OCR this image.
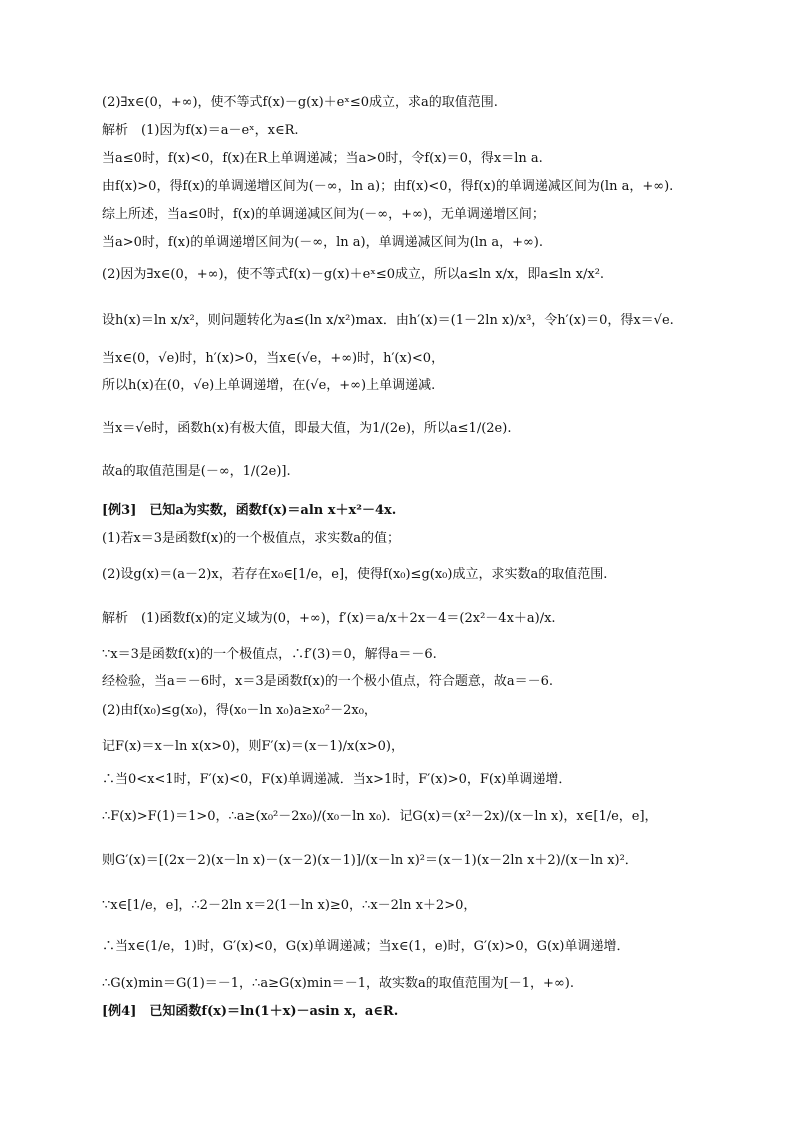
(2)∃x∈(0，+∞)，使不等式f(x)－g(x)＋eˣ≤0成立，求a的取值范围.
解析　(1)因为f(x)＝a－eˣ，x∈R.
当a≤0时，f(x)<0，f(x)在R上单调递减；当a>0时，令f(x)＝0，得x＝ln a.
由f(x)>0，得f(x)的单调递增区间为(－∞，ln a)；由f(x)<0，得f(x)的单调递减区间为(ln a，+∞).
综上所述，当a≤0时，f(x)的单调递减区间为(－∞，+∞)，无单调递增区间；
当a>0时，f(x)的单调递增区间为(－∞，ln a)，单调递减区间为(ln a，+∞).
(2)因为∃x∈(0，+∞)，使不等式f(x)－g(x)＋eˣ≤0成立，所以a≤ln x/x，即a≤ln x/x².
设h(x)＝ln x/x²，则问题转化为a≤(ln x/x²)max．由h′(x)＝(1－2ln x)/x³，令h′(x)＝0，得x＝√e.
当x∈(0，√e)时，h′(x)>0，当x∈(√e，+∞)时，h′(x)<0，
所以h(x)在(0，√e)上单调递增，在(√e，+∞)上单调递减.
当x＝√e时，函数h(x)有极大值，即最大值，为1/(2e)，所以a≤1/(2e).
故a的取值范围是(－∞，1/(2e)].
[例3]　已知a为实数，函数f(x)＝aln x＋x²－4x.
(1)若x＝3是函数f(x)的一个极值点，求实数a的值；
(2)设g(x)＝(a－2)x，若存在x₀∈[1/e，e]，使得f(x₀)≤g(x₀)成立，求实数a的取值范围.
解析　(1)函数f(x)的定义域为(0，+∞)，f′(x)＝a/x＋2x－4＝(2x²－4x＋a)/x.
∵x＝3是函数f(x)的一个极值点，∴f′(3)＝0，解得a＝－6.
经检验，当a＝－6时，x＝3是函数f(x)的一个极小值点，符合题意，故a＝－6.
(2)由f(x₀)≤g(x₀)，得(x₀－ln x₀)a≥x₀²－2x₀，
记F(x)＝x－ln x(x>0)，则F′(x)＝(x－1)/x(x>0)，
∴当0<x<1时，F′(x)<0，F(x)单调递减．当x>1时，F′(x)>0，F(x)单调递增．
∴F(x)>F(1)＝1>0，∴a≥(x₀²－2x₀)/(x₀－ln x₀)．记G(x)＝(x²－2x)/(x－ln x)，x∈[1/e，e]，
则G′(x)＝[(2x－2)(x－ln x)－(x－2)(x－1)]/(x－ln x)²＝(x－1)(x－2ln x＋2)/(x－ln x)²．
∵x∈[1/e，e]，∴2－2ln x＝2(1－ln x)≥0，∴x－2ln x＋2>0，
∴当x∈(1/e，1)时，G′(x)<0，G(x)单调递减；当x∈(1，e)时，G′(x)>0，G(x)单调递增．
∴G(x)min＝G(1)＝－1，∴a≥G(x)min＝－1，故实数a的取值范围为[－1，+∞).
[例4]　已知函数f(x)＝ln(1＋x)－asin x，a∈R.
